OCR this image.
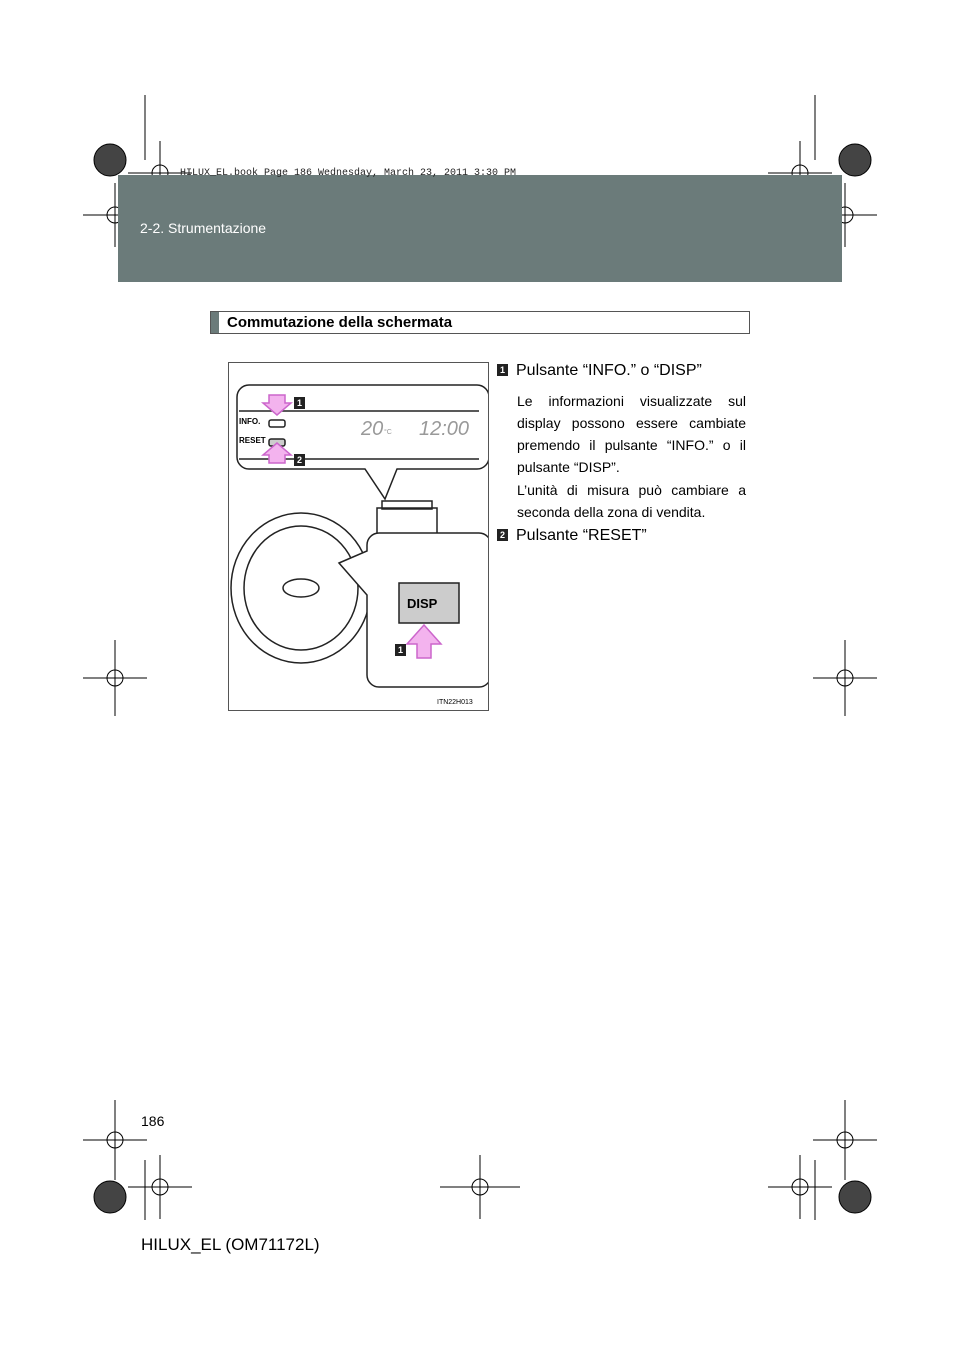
HILUX_EL.book Page 186 Wednesday, March 23, 2011 3:30 PM
2-2. Strumentazione
Commutazione della schermata
1
2
1
INFO.
RESET
20 °C 12:00
DISP
ITN22H013
1 Pulsante “INFO.” o “DISP”
Le informazioni visualizzate sul display possono essere cambiate premendo il pulsante “INFO.” o il pulsante “DISP”.
L’unità di misura può cambiare a seconda della zona di vendita.
2 Pulsante “RESET”
186
HILUX_EL (OM71172L)
